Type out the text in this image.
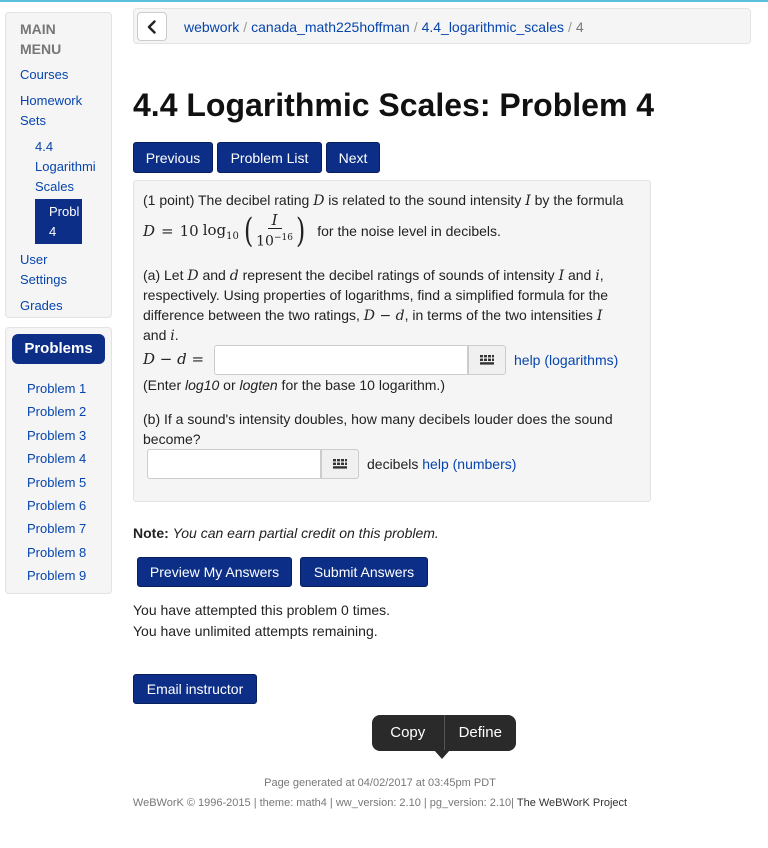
MAIN MENU
Courses
Homework Sets
4.4
Logarithmi
Scales
Probl
4
User Settings
Grades
Problems
Problem 1
Problem 2
Problem 3
Problem 4
Problem 5
Problem 6
Problem 7
Problem 8
Problem 9
webwork / canada_math225hoffman / 4.4_logarithmic_scales / 4
4.4 Logarithmic Scales: Problem 4
Previous	Problem List	Next
(1 point) The decibel rating D is related to the sound intensity I by the formula
D = 10 $\log_{10}$ ( $\frac{I}{10^{-16}}$ ) for the noise level in decibels.
(a) Let D and d represent the decibel ratings of sounds of intensity I and i,
respectively. Using properties of logarithms, find a simplified formula for the
difference between the two ratings, D − d, in terms of the two intensities I
and i.
D − d =	help (logarithms)
(Enter log10 or logten for the base 10 logarithm.)
(b) If a sound's intensity doubles, how many decibels louder does the sound
become?
decibels help (numbers)
Note: You can earn partial credit on this problem.
Preview My Answers	Submit Answers
You have attempted this problem 0 times.
You have unlimited attempts remaining.
Email instructor
Copy	Define
Page generated at 04/02/2017 at 03:45pm PDT
WeBWorK © 1996-2015 | theme: math4 | ww_version: 2.10 | pg_version: 2.10| The WeBWorK Project
